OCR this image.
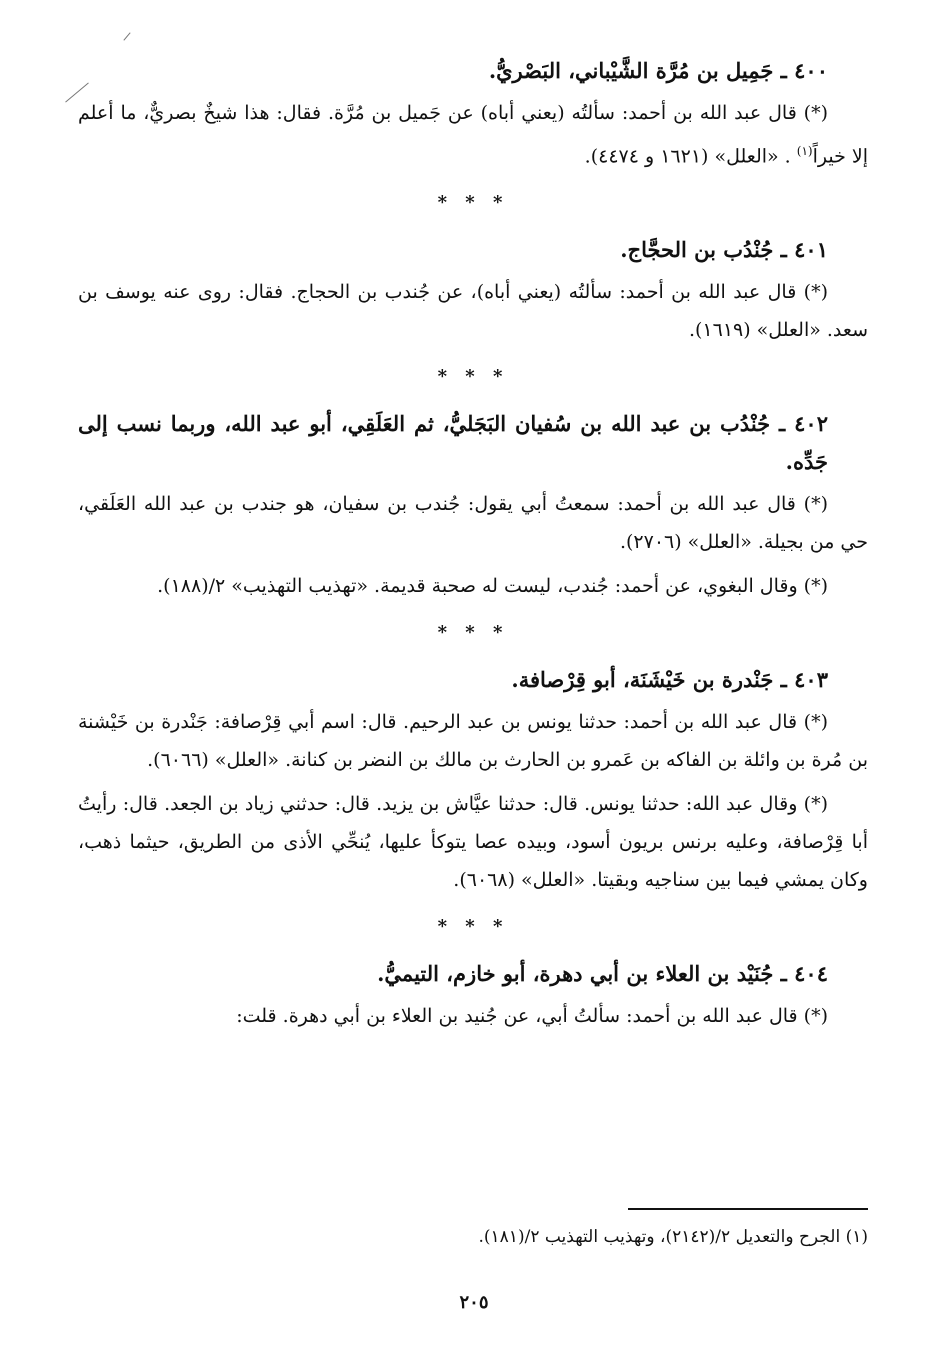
٤٠٠ ـ جَمِيل بن مُرَّة الشَّيْباني، البَصْريُّ.

(*) قال عبد الله بن أحمد: سألتُه (يعني أباه) عن جَميل بن مُرَّة. فقال: هذا شيخٌ بصريٌّ، ما أعلم إلا خيراً$^{(١)}$ . «العلل» (١٦٢١ و ٤٤٧٤).

* * *
٤٠١ ـ جُنْدُب بن الحجَّاج.

(*) قال عبد الله بن أحمد: سألتُه (يعني أباه)، عن جُندب بن الحجاج. فقال: روى عنه يوسف بن سعد. «العلل» (١٦١٩).

* * *
٤٠٢ ـ جُنْدُب بن عبد الله بن سُفيان البَجَليُّ، ثم العَلَقِي، أبو عبد الله، وربما نسب إلى جَدِّه.

(*) قال عبد الله بن أحمد: سمعتُ أبي يقول: جُندب بن سفيان، هو جندب بن عبد الله العَلَقي، حي من بجيلة. «العلل» (٢٧٠٦).

(*) وقال البغوي، عن أحمد: جُندب، ليست له صحبة قديمة. «تهذيب التهذيب» ٢/(١٨٨).

* * *
٤٠٣ ـ جَنْدرة بن خَيْشَنَة، أبو قِرْصافة.

(*) قال عبد الله بن أحمد: حدثنا يونس بن عبد الرحيم. قال: اسم أبي قِرْصافة: جَنْدرة بن خَيْشنة بن مُرة بن وائلة بن الفاكه بن عَمرو بن الحارث بن مالك بن النضر بن كنانة. «العلل» (٦٠٦٦).

(*) وقال عبد الله: حدثنا يونس. قال: حدثنا عيَّاش بن يزيد. قال: حدثني زياد بن الجعد. قال: رأيتُ أبا قِرْصافة، وعليه برنس بريون أسود، وبيده عصا يتوكأ عليها، يُنحِّي الأذى من الطريق، حيثما ذهب، وكان يمشي فيما بين سناجيه وبقيتا. «العلل» (٦٠٦٨).

* * *
٤٠٤ ـ جُنَيْد بن العلاء بن أبي دهرة، أبو خازم، التيميُّ.

(*) قال عبد الله بن أحمد: سألتُ أبي، عن جُنيد بن العلاء بن أبي دهرة. قلت:

(١) الجرح والتعديل ٢/(٢١٤٢)، وتهذيب التهذيب ٢/(١٨١).
٢٠٥
